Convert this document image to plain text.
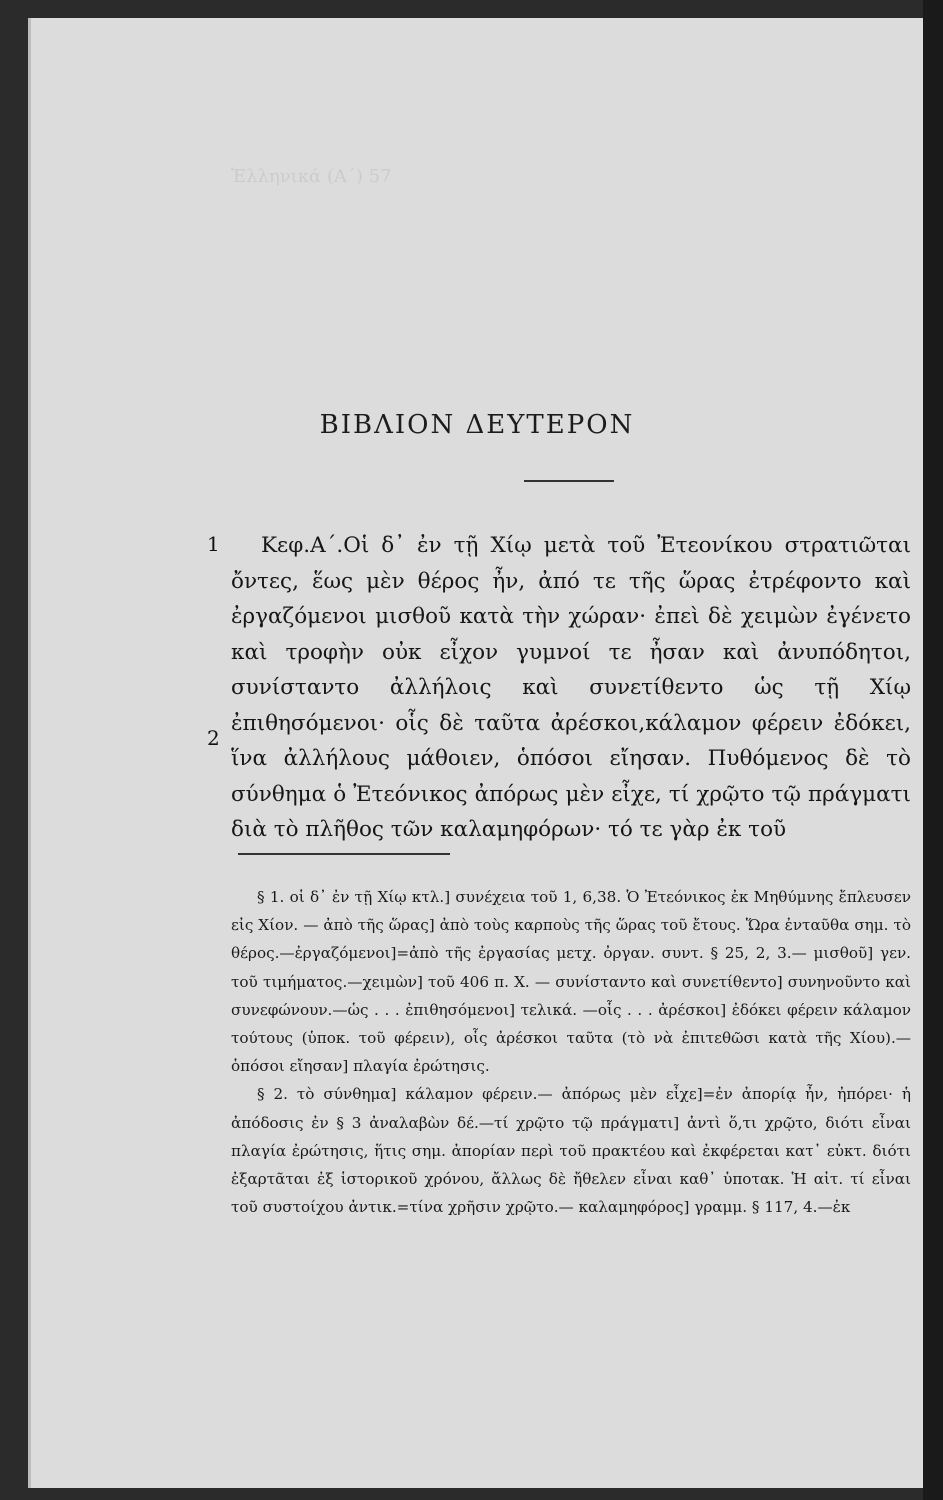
Ἑλληνικά (Α΄) 57
ΒΙΒΛΙΟΝ ΔΕΥΤΕΡΟΝ
1
2

Κεφ.Α΄.Οἱ δ᾽ ἐν τῇ Χίῳ μετὰ τοῦ Ἐτεονίκου στρατιῶται ὄντες, ἕως μὲν θέρος ἦν, ἀπό τε τῆς ὥρας ἐτρέφοντο καὶ ἐργαζόμενοι μισθοῦ κατὰ τὴν χώραν· ἐπεὶ δὲ χειμὼν ἐγένετο καὶ τροφὴν οὐκ εἶχον γυμνοί τε ἦσαν καὶ ἀνυπόδητοι, συνίσταντο ἀλλήλοις καὶ συνετίθεντο ὡς τῇ Χίῳ ἐπιθησόμενοι· οἷς δὲ ταῦτα ἀρέσκοι,κάλαμον φέρειν ἐδόκει, ἵνα ἀλλήλους μάθοιεν, ὁπόσοι εἴησαν. Πυθόμενος δὲ τὸ σύνθημα ὁ Ἐτεόνικος ἀπόρως μὲν εἶχε, τί χρῷτο τῷ πράγματι διὰ τὸ πλῆθος τῶν καλαμηφόρων· τό τε γὰρ ἐκ τοῦ

§ 1. οἱ δ᾽ ἐν τῇ Χίῳ κτλ.] συνέχεια τοῦ 1, 6,38. Ὁ Ἐτεόνικος ἐκ Μηθύμνης ἔπλευσεν εἰς Χίον. — ἀπὸ τῆς ὥρας] ἀπὸ τοὺς καρποὺς τῆς ὥρας τοῦ ἔτους. Ὥρα ἐνταῦθα σημ. τὸ θέρος.—ἐργαζόμενοι]=ἀπὸ τῆς ἐργασίας μετχ. ὀργαν. συντ. § 25, 2, 3.— μισθοῦ] γεν. τοῦ τιμήματος.—χειμὼν] τοῦ 406 π. Χ. — συνίσταντο καὶ συνετίθεντο] συνηνοῦντο καὶ συνεφώνουν.—ὡς . . . ἐπιθησόμενοι] τελικά. —οἷς . . . ἀρέσκοι] ἐδόκει φέρειν κάλαμον τούτους (ὑποκ. τοῦ φέρειν), οἷς ἀρέσκοι ταῦτα (τὸ νὰ ἐπιτεθῶσι κατὰ τῆς Χίου).—ὁπόσοι εἴησαν] πλαγία ἐρώτησις.

§ 2. τὸ σύνθημα] κάλαμον φέρειν.— ἀπόρως μὲν εἶχε]=ἐν ἀπορίᾳ ἦν, ἠπόρει· ἡ ἀπόδοσις ἐν § 3 ἀναλαβὼν δέ.—τί χρῷτο τῷ πράγματι] ἀντὶ ὅ,τι χρῷτο, διότι εἶναι πλαγία ἐρώτησις, ἥτις σημ. ἀπορίαν περὶ τοῦ πρακτέου καὶ ἐκφέρεται κατ᾽ εὐκτ. διότι ἐξαρτᾶται ἐξ ἱστορικοῦ χρόνου, ἄλλως δὲ ἤθελεν εἶναι καθ᾽ ὑποτακ. Ἡ αἰτ. τί εἶναι τοῦ συστοίχου ἀντικ.=τίνα χρῆσιν χρῷτο.— καλαμηφόρος] γραμμ. § 117, 4.—ἐκ
